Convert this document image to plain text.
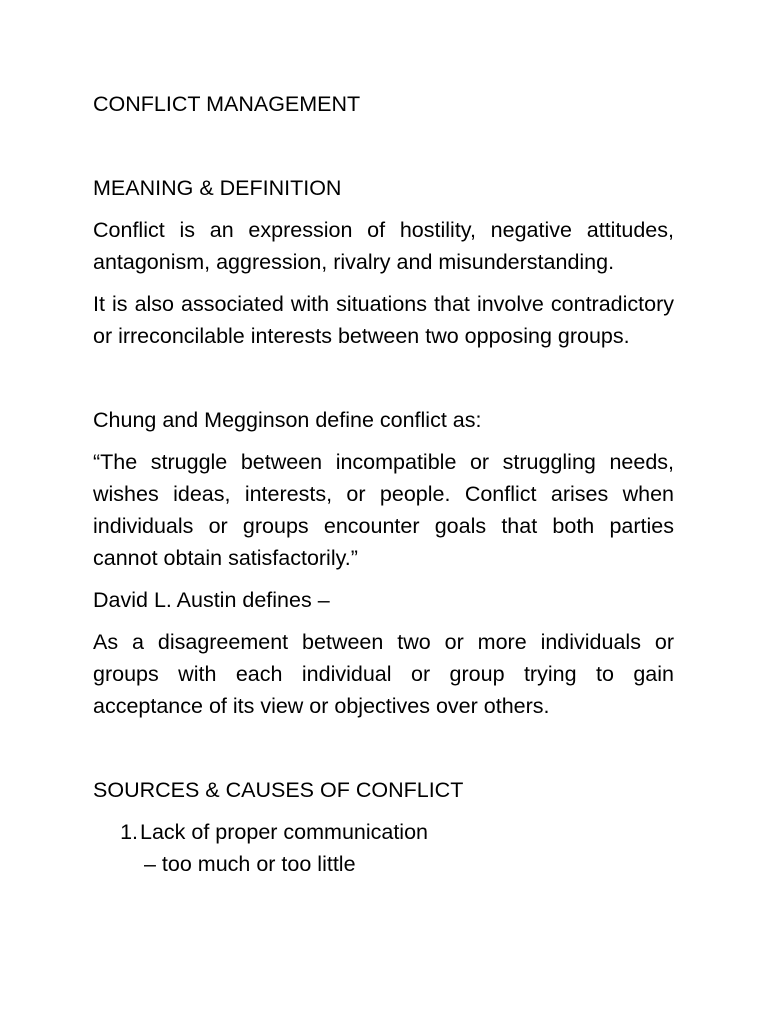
CONFLICT MANAGEMENT

MEANING & DEFINITION

Conflict is an expression of hostility, negative attitudes, antagonism, aggression, rivalry and misunderstanding.

It is also associated with situations that involve contradictory or irreconcilable interests between two opposing groups.

Chung and Megginson define conflict as:

“The struggle between incompatible or struggling needs, wishes ideas, interests, or people. Conflict arises when individuals or groups encounter goals that both parties cannot obtain satisfactorily.”

David L. Austin defines –

As a disagreement between two or more individuals or groups with each individual or group trying to gain acceptance of its view or objectives over others.

SOURCES & CAUSES OF CONFLICT

1. Lack of proper communication
– too much or too little
